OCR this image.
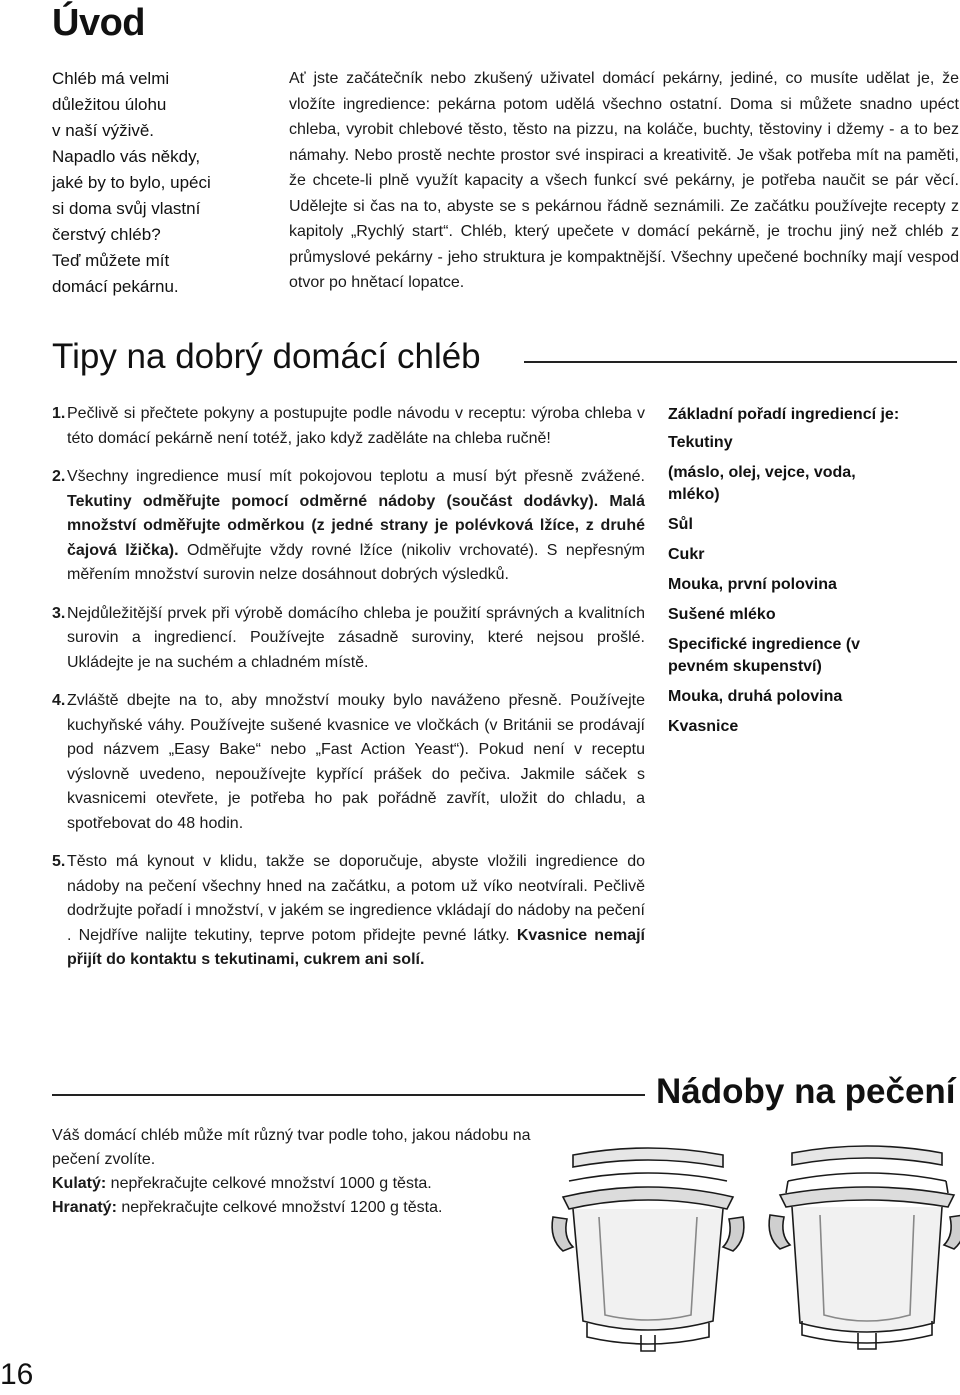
Úvod
Chléb má velmi
důležitou úlohu
v naší výživě.
Napadlo vás někdy,
jaké by to bylo, upéci
si doma svůj vlastní
čerstvý chléb?
Teď můžete mít
domácí pekárnu.

Ať jste začátečník nebo zkušený uživatel domácí pekárny, jediné, co musíte udělat je, že vložíte ingredience: pekárna potom udělá všechno ostatní. Doma si můžete snadno upéct chleba, vyrobit chlebové těsto, těsto na pizzu, na koláče, buchty, těstoviny i džemy - a to bez námahy. Nebo prostě nechte prostor své inspiraci a kreativitě. Je však potřeba mít na paměti, že chcete-li plně využít kapacity a všech funkcí své pekárny, je potřeba naučit se pár věcí. Udělejte si čas na to, abyste se s pekárnou řádně seznámili. Ze začátku používejte recepty z kapitoly „Rychlý start“. Chléb, který upečete v domácí pekárně, je trochu jiný než chléb z průmyslové pekárny - jeho struktura je kompaktnější. Všechny upečené bochníky mají vespod otvor po hnětací lopatce.

Tipy na dobrý domácí chléb
1. Pečlivě si přečtete pokyny a postupujte podle návodu v receptu: výroba chleba v této domácí pekárně není totéž, jako když zaděláte na chleba ručně!
2. Všechny ingredience musí mít pokojovou teplotu a musí být přesně zvážené. Tekutiny odměřujte pomocí odměrné nádoby (součást dodávky). Malá množství odměřujte odměrkou (z jedné strany je polévková lžíce, z druhé čajová lžička). Odměřujte vždy rovné lžíce (nikoliv vrchovaté). S nepřesným měřením množství surovin nelze dosáhnout dobrých výsledků.
3. Nejdůležitější prvek při výrobě domácího chleba je použití správných a kvalitních surovin a ingrediencí. Používejte zásadně suroviny, které nejsou prošlé. Ukládejte je na suchém a chladném místě.
4. Zvláště dbejte na to, aby množství mouky bylo naváženo přesně. Používejte kuchyňské váhy. Používejte sušené kvasnice ve vločkách (v Británii se prodávají pod názvem „Easy Bake“ nebo „Fast Action Yeast“). Pokud není v receptu výslovně uvedeno, nepoužívejte kypřící prášek do pečiva. Jakmile sáček s kvasnicemi otevřete, je potřeba ho pak pořádně zavřít, uložit do chladu, a spotřebovat do 48 hodin.
5. Těsto má kynout v klidu, takže se doporučuje, abyste vložili ingredience do nádoby na pečení všechny hned na začátku, a potom už víko neotvírali. Pečlivě dodržujte pořadí i množství, v jakém se ingredience vkládají do nádoby na pečení . Nejdříve nalijte tekutiny, teprve potom přidejte pevné látky. Kvasnice nemají přijít do kontaktu s tekutinami, cukrem ani solí.
Základní pořadí ingrediencí je:
Tekutiny
(máslo, olej, vejce, voda, mléko)
Sůl
Cukr
Mouka, první polovina
Sušené mléko
Specifické ingredience (v pevném skupenství)
Mouka, druhá polovina
Kvasnice
Nádoby na pečení

Váš domácí chléb může mít různý tvar podle toho, jakou nádobu na pečení zvolíte.

Kulatý: nepřekračujte celkové množství 1000 g těsta.

Hranatý: nepřekračujte celkové množství 1200 g těsta.

16
